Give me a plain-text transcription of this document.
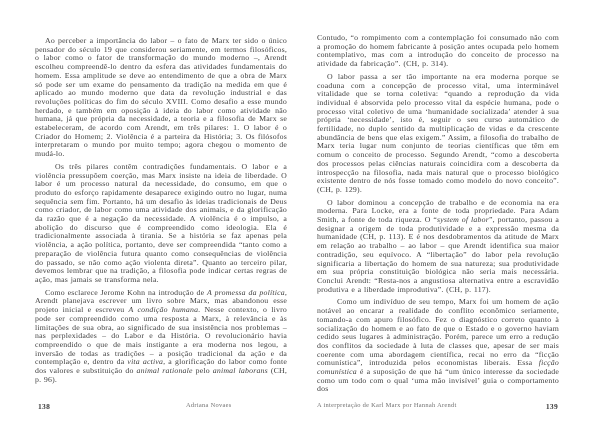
Ao perceber a importância do labor – o fato de Marx ter sido o único pensador do século 19 que considerou seriamente, em termos filosóficos, o labor como o fator de transformação do mundo moderno –, Arendt escolheu compreendê-lo dentro da esfera das atividades fundamentais do homem. Essa amplitude se deve ao entendimento de que a obra de Marx só pode ser um exame do pensamento da tradição na medida em que é aplicado ao mundo moderno que data da revolução industrial e das revoluções políticas do fim do século XVIII. Como desafio a esse mundo herdado, e também em oposição à ideia do labor como atividade não humana, já que própria da necessidade, a teoria e a filosofia de Marx se estabeleceram, de acordo com Arendt, em três pilares: 1. O labor é o Criador do Homem; 2. Violência é a parteira da História; 3. Os filósofos interpretaram o mundo por muito tempo; agora chegou o momento de mudá-lo.

Os três pilares contêm contradições fundamentais. O labor e a violência pressupõem coerção, mas Marx insiste na ideia de liberdade. O labor é um processo natural da necessidade, do consumo, em que o produto do esforço rapidamente desaparece exigindo outro no lugar, numa sequência sem fim. Portanto, há um desafio às ideias tradicionais de Deus como criador, de labor como uma atividade dos animais, e da glorificação da razão que é a negação da necessidade. A violência é o impulso, a abolição do discurso que é compreendido como ideologia. Ela é tradicionalmente associada à tirania. Se a história se faz apenas pela violência, a ação política, portanto, deve ser compreendida “tanto como a preparação de violência futura quanto como consequências de violência do passado, se não como ação violenta direta”. Quanto ao terceiro pilar, devemos lembrar que na tradição, a filosofia pode indicar certas regras de ação, mas jamais se transforma nela.

Como esclarece Jerome Kohn na introdução de A promessa da política, Arendt planejava escrever um livro sobre Marx, mas abandonou esse projeto inicial e escreveu A condição humana. Nesse contexto, o livro pode ser compreendido como uma resposta a Marx, à relevância e às limitações de sua obra, ao significado de sua insistência nos problemas – nas perplexidades – do Labor e da História. O revolucionário havia compreendido o que de mais instigante a era moderna nos legou, a inversão de todas as tradições – a posição tradicional da ação e da contemplação e, dentro da vita activa, a glorificação do labor como fonte dos valores e substituição do animal rationale pelo animal laborans (CH, p. 96).

Contudo, “o rompimento com a contemplação foi consumado não com a promoção do homem fabricante à posição antes ocupada pelo homem contemplativo, mas com a introdução do conceito de processo na atividade da fabricação”. (CH, p. 314).

O labor passa a ser tão importante na era moderna porque se coaduna com a concepção de processo vital, uma interminável vitalidade que se torna coletiva: “quando a reprodução da vida individual é absorvida pelo processo vital da espécie humana, pode o processo vital coletivo de uma ‘humanidade socializada’ atender à sua própria ‘necessidade’, isto é, seguir o seu curso automático de fertilidade, no duplo sentido da multiplicação de vidas e da crescente abundância de bens que elas exigem.” Assim, a filosofia do trabalho de Marx teria lugar num conjunto de teorias científicas que têm em comum o conceito de processo. Segundo Arendt, “como a descoberta dos processos pelas ciências naturais coincidira com a descoberta da introspecção na filosofia, nada mais natural que o processo biológico existente dentro de nós fosse tomado como modelo do novo conceito”. (CH, p. 129).

O labor dominou a concepção de trabalho e de economia na era moderna. Para Locke, era a fonte de toda propriedade. Para Adam Smith, a fonte de toda riqueza. O “system of labor”, portanto, passou a designar a origem de toda produtividade e a expressão mesma da humanidade (CH, p. 113). E é nos desdobramentos da atitude de Marx em relação ao trabalho – ao labor – que Arendt identifica sua maior contradição, seu equívoco. A “libertação” do labor pela revolução significaria a libertação do homem de sua natureza; sua produtividade em sua própria constituição biológica não seria mais necessária. Conclui Arendt: “Resta-nos a angustiosa alternativa entre a escravidão produtiva e a liberdade improdutiva”. (CH, p. 117).

Como um indivíduo de seu tempo, Marx foi um homem de ação notável ao encarar a realidade do conflito econômico seriamente, tomando-a com apuro filosófico. Fez o diagnóstico correto quanto à socialização do homem e ao fato de que o Estado e o governo haviam cedido seus lugares à administração. Porém, parece um erro a redução dos conflitos da sociedade à luta de classes que, apesar de ser mais coerente com uma abordagem científica, recai no erro da “ficção comunística”, introduzida pelos economistas liberais. Essa ficção comunística é a suposição de que há “um único interesse da sociedade como um todo com o qual ‘uma mão invisível’ guia o comportamento dos

138	Adriana Novaes	A interpretação de Karl Marx por Hannah Arendt	139
